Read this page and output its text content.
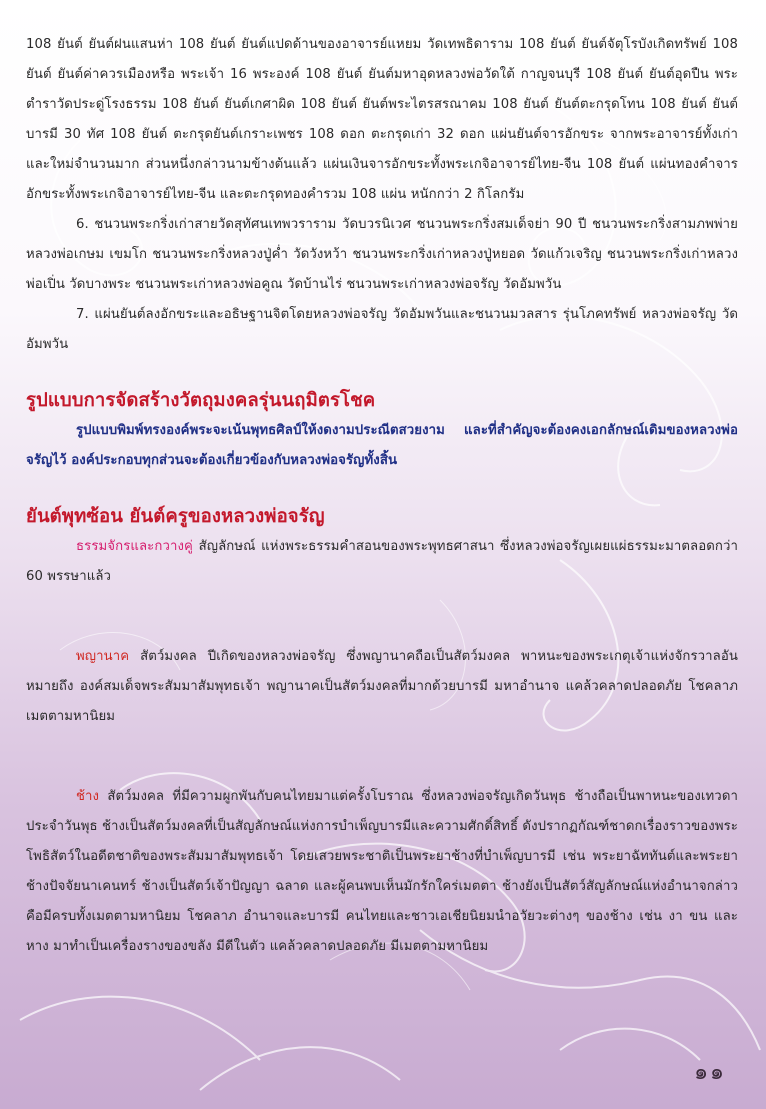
108 ยันต์ ยันต์ฝนแสนห่า 108 ยันต์ ยันต์แปดด้านของอาจารย์แหยม วัดเทพธิดาราม 108 ยันต์ ยันต์จัตุโรบังเกิดทรัพย์ 108 ยันต์ ยันต์ค่าควรเมืองหรือ พระเจ้า 16 พระองค์ 108 ยันต์ ยันต์มหาอุดหลวงพ่อวัดใต้ กาญจนบุรี 108 ยันต์ ยันต์อุดปืน พระตำราวัดประดู่โรงธรรม 108 ยันต์ ยันต์เกศาผิด 108 ยันต์ ยันต์พระไตรสรณาคม 108 ยันต์ ยันต์ตะกรุดโทน 108 ยันต์ ยันต์บารมี 30 ทัศ 108 ยันต์ ตะกรุดยันต์เกราะเพชร 108 ดอก ตะกรุดเก่า 32 ดอก แผ่นยันต์จารอักขระ จากพระอาจารย์ทั้งเก่าและใหม่จำนวนมาก ส่วนหนึ่งกล่าวนามข้างต้นแล้ว แผ่นเงินจารอักขระทั้งพระเกจิอาจารย์ไทย-จีน 108 ยันต์ แผ่นทองคำจารอักขระทั้งพระเกจิอาจารย์ไทย-จีน และตะกรุดทองคำรวม 108 แผ่น หนักกว่า 2 กิโลกรัม

6. ชนวนพระกริ่งเก่าสายวัดสุทัศนเทพวราราม วัดบวรนิเวศ ชนวนพระกริ่งสมเด็จย่า 90 ปี ชนวนพระกริ่งสามภพพ่าย หลวงพ่อเกษม เขมโก ชนวนพระกริ่งหลวงปู่ค่ำ วัดวังหว้า ชนวนพระกริ่งเก่าหลวงปู่หยอด วัดแก้วเจริญ ชนวนพระกริ่งเก่าหลวงพ่อเปิ่น วัดบางพระ ชนวนพระเก่าหลวงพ่อคูณ วัดบ้านไร่ ชนวนพระเก่าหลวงพ่อจรัญ วัดอัมพวัน

7. แผ่นยันต์ลงอักขระและอธิษฐานจิตโดยหลวงพ่อจรัญ วัดอัมพวันและชนวนมวลสาร รุ่นโภคทรัพย์ หลวงพ่อจรัญ วัดอัมพวัน

รูปแบบการจัดสร้างวัตถุมงคลรุ่นนฤมิตรโชค

รูปแบบพิมพ์ทรงองค์พระจะเน้นพุทธศิลป์ให้งดงามประณีตสวยงาม และที่สำคัญจะต้องคงเอกลักษณ์เดิมของหลวงพ่อจรัญไว้ องค์ประกอบทุกส่วนจะต้องเกี่ยวข้องกับหลวงพ่อจรัญทั้งสิ้น

ยันต์พุทซ้อน ยันต์ครูของหลวงพ่อจรัญ

ธรรมจักรและกวางคู่ สัญลักษณ์ แห่งพระธรรมคำสอนของพระพุทธศาสนา ซึ่งหลวงพ่อจรัญเผยแผ่ธรรมะมาตลอดกว่า 60 พรรษาแล้ว

พญานาค สัตว์มงคล ปีเกิดของหลวงพ่อจรัญ ซึ่งพญานาคถือเป็นสัตว์มงคล พาหนะของพระเกตุเจ้าแห่งจักรวาลอันหมายถึง องค์สมเด็จพระสัมมาสัมพุทธเจ้า พญานาคเป็นสัตว์มงคลที่มากด้วยบารมี มหาอำนาจ แคล้วคลาดปลอดภัย โชคลาภ เมตตามหานิยม

ช้าง สัตว์มงคล ที่มีความผูกพันกับคนไทยมาแต่ครั้งโบราณ ซึ่งหลวงพ่อจรัญเกิดวันพุธ ช้างถือเป็นพาหนะของเทวดาประจำวันพุธ ช้างเป็นสัตว์มงคลที่เป็นสัญลักษณ์แห่งการบำเพ็ญบารมีและความศักดิ์สิทธิ์ ดังปรากฏกัณฑ์ชาดกเรื่องราวของพระโพธิสัตว์ในอดีตชาติของพระสัมมาสัมพุทธเจ้า โดยเสวยพระชาติเป็นพระยาช้างที่บำเพ็ญบารมี เช่น พระยาฉัททันต์และพระยาช้างปัจจัยนาเคนทร์ ช้างเป็นสัตว์เจ้าปัญญา ฉลาด และผู้คนพบเห็นมักรักใคร่เมตตา ช้างยังเป็นสัตว์สัญลักษณ์แห่งอำนาจกล่าวคือมีครบทั้งเมตตามหานิยม โชคลาภ อำนาจและบารมี คนไทยและชาวเอเชียนิยมนำอวัยวะต่างๆ ของช้าง เช่น งา ขน และหาง มาทำเป็นเครื่องรางของขลัง มีดีในตัว แคล้วคลาดปลอดภัย มีเมตตามหานิยม

๑๑
